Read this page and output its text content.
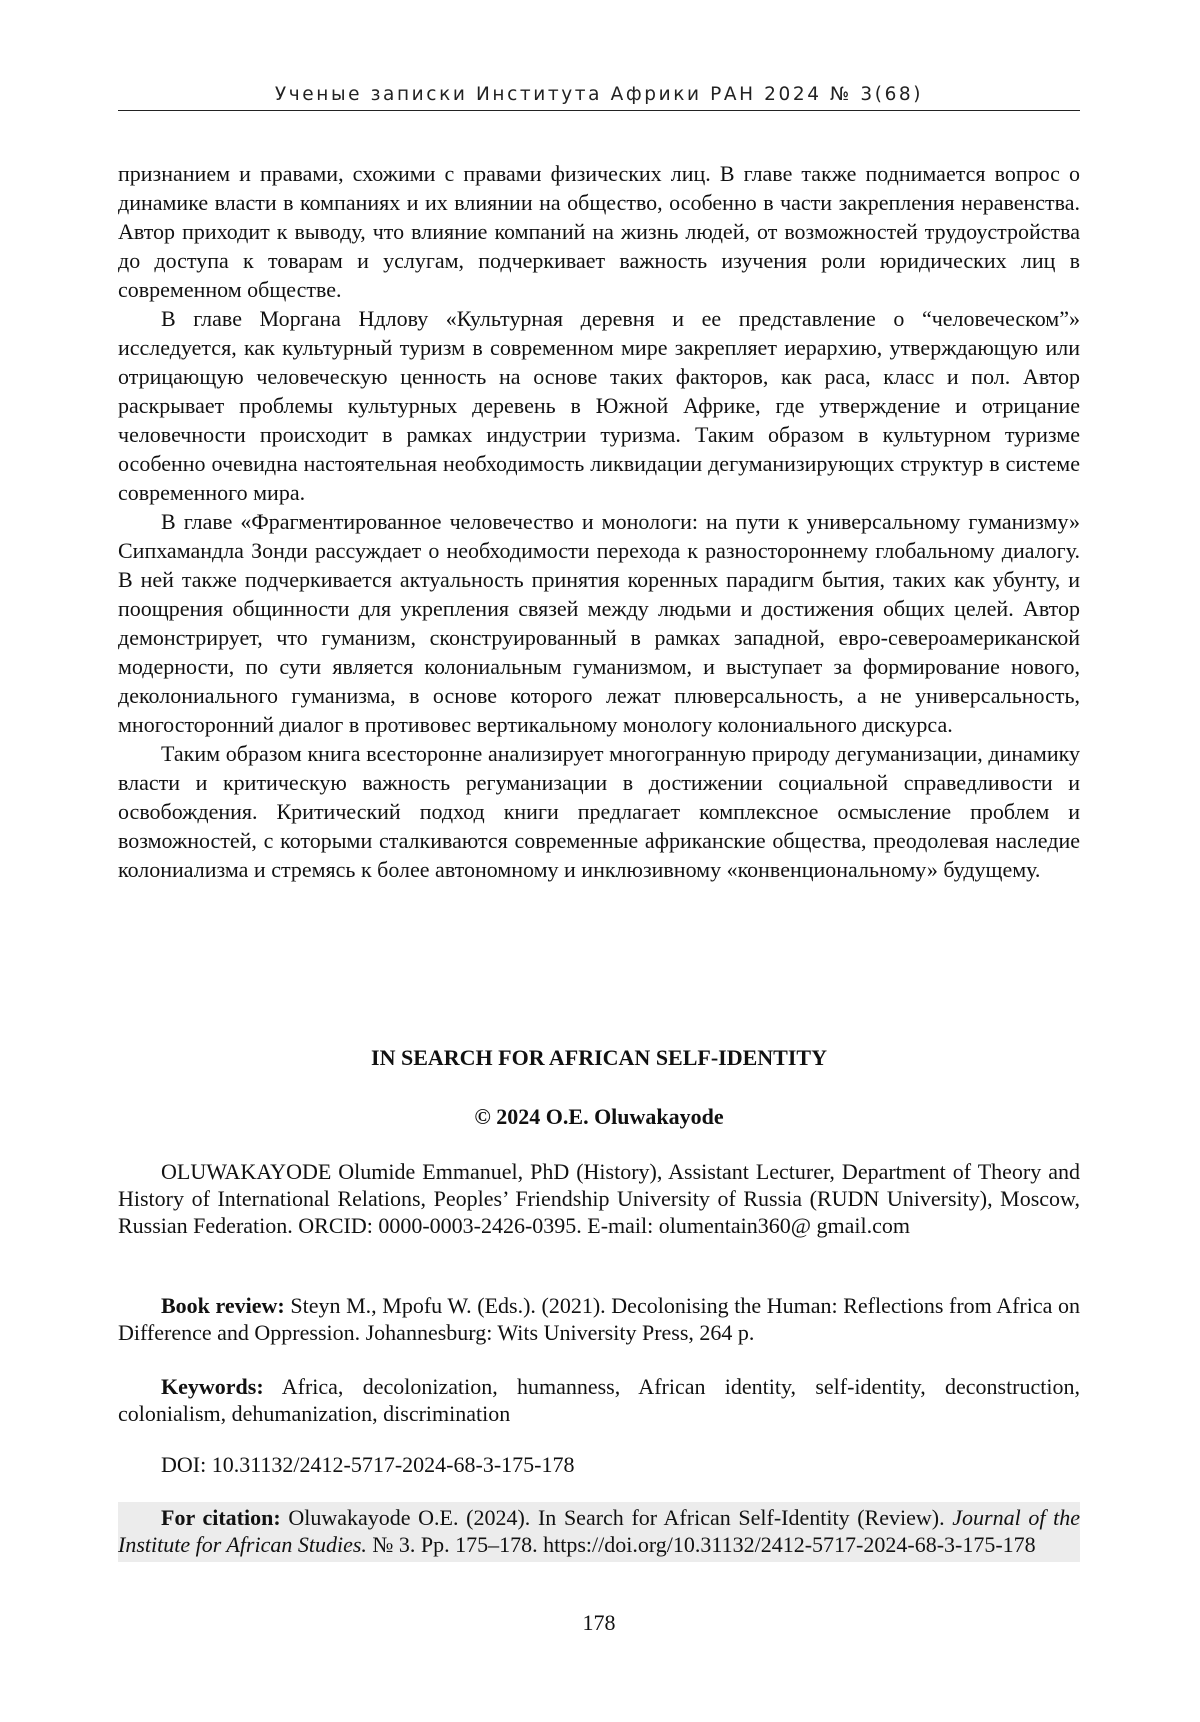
Ученые записки Института Африки РАН 2024 № 3(68)

признанием и правами, схожими с правами физических лиц. В главе также поднимается вопрос о динамике власти в компаниях и их влиянии на общество, особенно в части закрепления неравенства. Автор приходит к выводу, что влияние компаний на жизнь людей, от возможностей трудоустройства до доступа к товарам и услугам, подчеркивает важность изучения роли юридических лиц в современном обществе.

В главе Моргана Ндлову «Культурная деревня и ее представление о “человеческом”» исследуется, как культурный туризм в современном мире закрепляет иерархию, утверждающую или отрицающую человеческую ценность на основе таких факторов, как раса, класс и пол. Автор раскрывает проблемы культурных деревень в Южной Африке, где утверждение и отрицание человечности происходит в рамках индустрии туризма. Таким образом в культурном туризме особенно очевидна настоятельная необходимость ликвидации дегуманизирующих структур в системе современного мира.

В главе «Фрагментированное человечество и монологи: на пути к универсальному гуманизму» Сипхамандла Зонди рассуждает о необходимости перехода к разностороннему глобальному диалогу. В ней также подчеркивается актуальность принятия коренных парадигм бытия, таких как убунту, и поощрения общинности для укрепления связей между людьми и достижения общих целей. Автор демонстрирует, что гуманизм, сконструированный в рамках западной, евро-североамериканской модерности, по сути является колониальным гуманизмом, и выступает за формирование нового, деколониального гуманизма, в основе которого лежат плюверсальность, а не универсальность, многосторонний диалог в противовес вертикальному монологу колониального дискурса.

Таким образом книга всесторонне анализирует многогранную природу дегуманизации, динамику власти и критическую важность регуманизации в достижении социальной справедливости и освобождения. Критический подход книги предлагает комплексное осмысление проблем и возможностей, с которыми сталкиваются современные африканские общества, преодолевая наследие колониализма и стремясь к более автономному и инклюзивному «конвенциональному» будущему.

IN SEARCH FOR AFRICAN SELF-IDENTITY
© 2024 O.E. Oluwakayode

OLUWAKAYODE Olumide Emmanuel, PhD (History), Assistant Lecturer, Department of Theory and History of International Relations, Peoples’ Friendship University of Russia (RUDN University), Moscow, Russian Federation. ORCID: 0000-0003-2426-0395. E-mail: olumentain360@ gmail.com

Book review: Steyn M., Mpofu W. (Eds.). (2021). Decolonising the Human: Reflections from Africa on Difference and Oppression. Johannesburg: Wits University Press, 264 p.

Keywords: Africa, decolonization, humanness, African identity, self-identity, deconstruction, colonialism, dehumanization, discrimination

DOI: 10.31132/2412-5717-2024-68-3-175-178

For citation: Oluwakayode O.E. (2024). In Search for African Self-Identity (Review). Journal of the Institute for African Studies. № 3. Pp. 175–178. https://doi.org/10.31132/2412-5717-2024-68-3-175-178

178
